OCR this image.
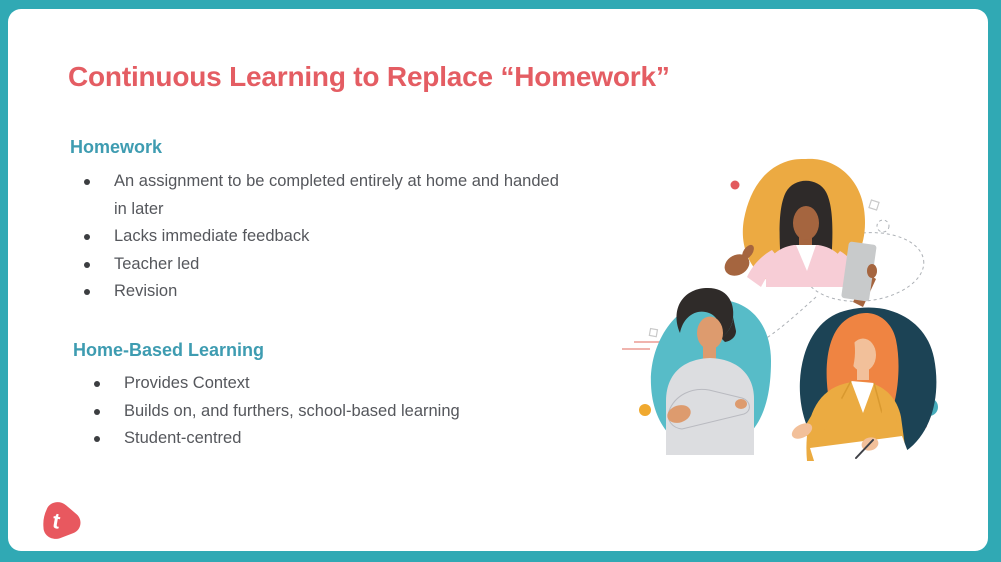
Continuous Learning to Replace “Homework”
Homework
An assignment to be completed entirely at home and handed in later
Lacks immediate feedback
Teacher led
Revision
Home-Based Learning
Provides Context
Builds on, and furthers, school-based learning
Student-centred
t
